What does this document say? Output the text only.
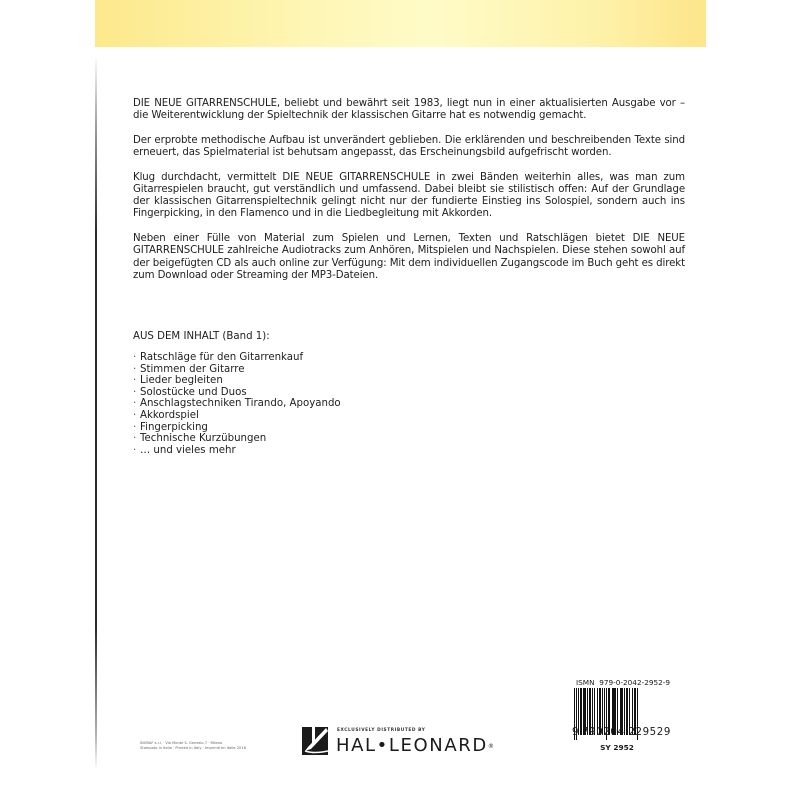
DIE NEUE GITARRENSCHULE, beliebt und bewährt seit 1983, liegt nun in einer aktualisierten Ausgabe vor – die Weiterentwicklung der Spieltechnik der klassischen Gitarre hat es notwendig gemacht.

Der erprobte methodische Aufbau ist unverändert geblieben. Die erklärenden und beschreibenden Texte sind erneuert, das Spielmaterial ist behutsam angepasst, das Erscheinungsbild aufgefrischt worden.

Klug durchdacht, vermittelt DIE NEUE GITARRENSCHULE in zwei Bänden weiterhin alles, was man zum Gitarrespielen braucht, gut verständlich und umfassend. Dabei bleibt sie stilistisch offen: Auf der Grundlage der klassischen Gitarrenspieltechnik gelingt nicht nur der fundierte Einstieg ins Solospiel, sondern auch ins Fingerpicking, in den Flamenco und in die Liedbegleitung mit Akkorden.

Neben einer Fülle von Material zum Spielen und Lernen, Texten und Ratschlägen bietet DIE NEUE GITARRENSCHULE zahlreiche Audiotracks zum Anhören, Mitspielen und Nachspielen. Diese stehen sowohl auf der beigefügten CD als auch online zur Verfügung: Mit dem individuellen Zugangscode im Buch geht es direkt zum Download oder Streaming der MP3-Dateien.

AUS DEM INHALT (Band 1):
· Ratschläge für den Gitarrenkauf
· Stimmen der Gitarre
· Lieder begleiten
· Solostücke und Duos
· Anschlagstechniken Tirando, Apoyando
· Akkordspiel
· Fingerpicking
· Technische Kurzübungen
· … und vieles mehr
INGRAF s.r.l. · Via Monte S. Genesio 7 · Milano
Stampato in Italia · Printed in Italy · Imprimé en Italie 2018
EXCLUSIVELY DISTRIBUTED BY
HAL•LEONARD®
ISMN 979-0-2042-2952-9
9 790204 229529
SY 2952
